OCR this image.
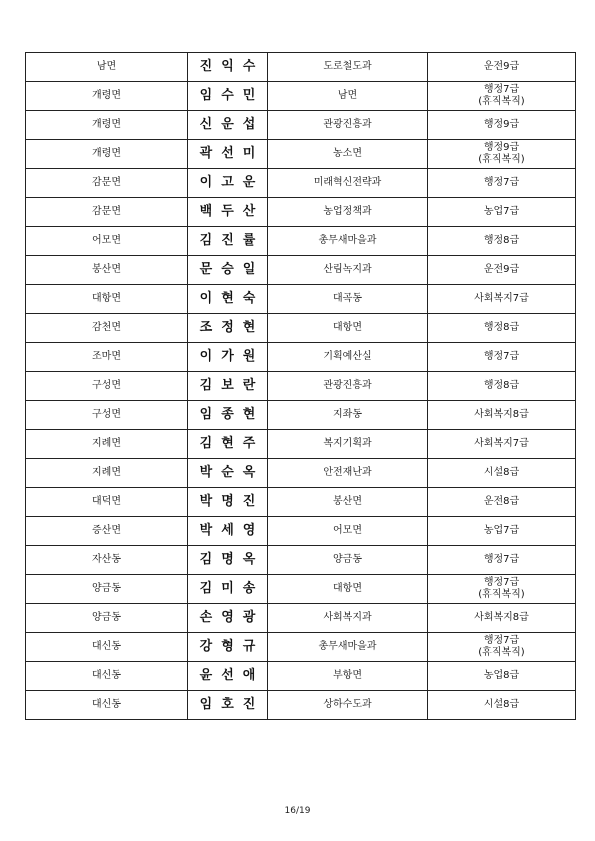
남면	진익수	도로철도과	운전9급

개령면	임수민	남면	행정7급
(휴직복직)

개령면	신운섭	관광진흥과	행정9급

개령면	곽선미	농소면	행정9급
(휴직복직)

감문면	이고운	미래혁신전략과	행정7급

감문면	백두산	농업정책과	농업7급

어모면	김진률	총무새마을과	행정8급

봉산면	문승일	산림녹지과	운전9급

대항면	이현숙	대곡동	사회복지7급

감천면	조정현	대항면	행정8급

조마면	이가원	기획예산실	행정7급

구성면	김보란	관광진흥과	행정8급

구성면	임종현	지좌동	사회복지8급

지례면	김현주	복지기획과	사회복지7급

지례면	박순옥	안전재난과	시설8급

대덕면	박명진	봉산면	운전8급

증산면	박세영	어모면	농업7급

자산동	김명옥	양금동	행정7급

양금동	김미송	대항면	행정7급
(휴직복직)

양금동	손영광	사회복지과	사회복지8급

대신동	강형규	총무새마을과	행정7급
(휴직복직)

대신동	윤선애	부항면	농업8급

대신동	임호진	상하수도과	시설8급
16/19
